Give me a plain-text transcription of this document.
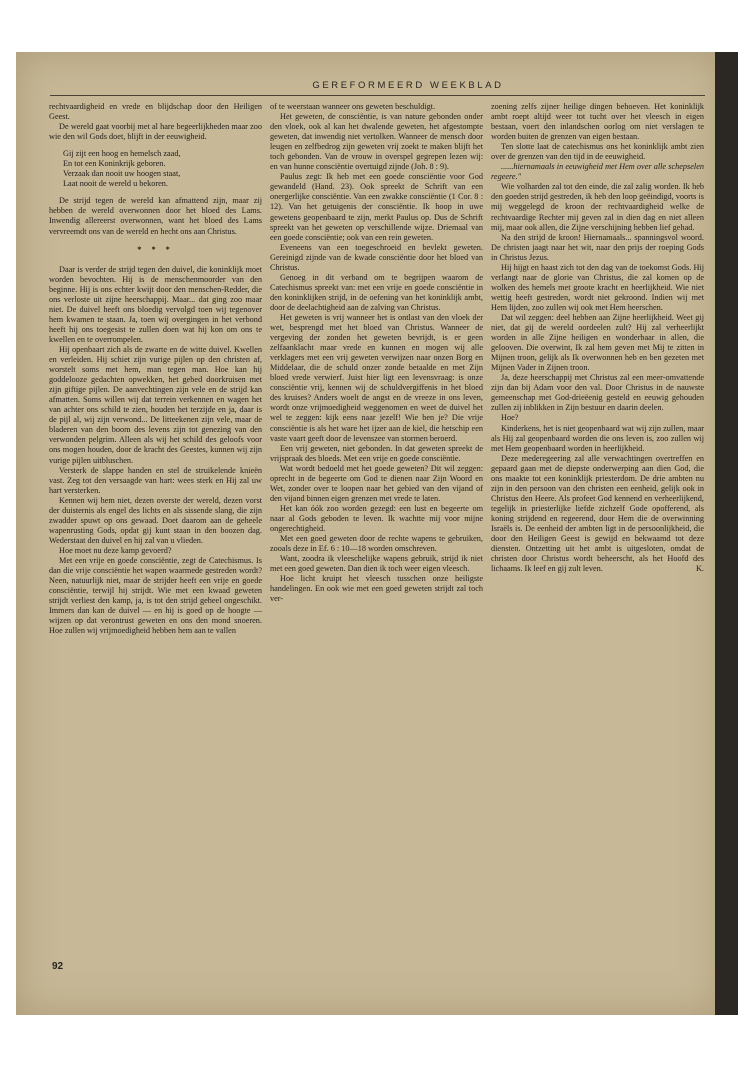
GEREFORMEERD WEEKBLAD

rechtvaardigheid en vrede en blijdschap door den Heiligen Geest.

De wereld gaat voorbij met al hare begeerlijkheden maar zoo wie den wil Gods doet, blijft in der eeuwigheid.

Gij zijt een hoog en hemelsch zaad,
En tot een Koninkrijk geboren.
Verzaak dan nooit uw hoogen staat,
Laat nooit de wereld u bekoren.

De strijd tegen de wereld kan afmattend zijn, maar zij hebben de wereld overwonnen door het bloed des Lams. Inwendig allereerst overwonnen, want het bloed des Lams vervreemdt ons van de wereld en hecht ons aan Christus.

* * *

Daar is verder de strijd tegen den duivel, die koninklijk moet worden bevochten. Hij is de menschenmoorder van den beginne. Hij is ons echter kwijt door den menschen-Redder, die ons verloste uit zijne heerschappij. Maar... dat ging zoo maar niet. De duivel heeft ons bloedig vervolgd toen wij tegenover hem kwamen te staan. Ja, toen wij overgingen in het verbond heeft hij ons toegesist te zullen doen wat hij kon om ons te kwellen en te overrompelen.

Hij openbaart zich als de zwarte en de witte duivel. Kwellen en verleiden. Hij schiet zijn vurige pijlen op den christen af, worstelt soms met hem, man tegen man. Hoe kan hij goddelooze gedachten opwekken, het gebed doorkruisen met zijn giftige pijlen. De aanvechtingen zijn vele en de strijd kan afmatten. Soms willen wij dat terrein verkennen en wagen het van achter ons schild te zien, houden het terzijde en ja, daar is de pijl al, wij zijn verwond... De litteekenen zijn vele, maar de bladeren van den boom des levens zijn tot genezing van den verwonden pelgrim. Alleen als wij het schild des geloofs voor ons mogen houden, door de kracht des Geestes, kunnen wij zijn vurige pijlen uitbluschen.

Versterk de slappe handen en stel de struikelende knieën vast. Zeg tot den versaagde van hart: wees sterk en Hij zal uw hart versterken.

Kennen wij hem niet, dezen overste der wereld, dezen vorst der duisternis als engel des lichts en als sissende slang, die zijn zwadder spuwt op ons gewaad. Doet daarom aan de geheele wapenrusting Gods, opdat gij kunt staan in den boozen dag. Wederstaat den duivel en hij zal van u vlieden.

Hoe moet nu deze kamp gevoerd?

Met een vrije en goede consciëntie, zegt de Catechismus. Is dan die vrije consciëntie het wapen waarmede gestreden wordt? Neen, natuurlijk niet, maar de strijder heeft een vrije en goede consciëntie, terwijl hij strijdt. Wie met een kwaad geweten strijdt verliest den kamp, ja, is tot den strijd geheel ongeschikt. Immers dan kan de duivel — en hij is goed op de hoogte — wijzen op dat verontrust geweten en ons den mond snoeren. Hoe zullen wij vrijmoedigheid hebben hem aan te vallen

of te weerstaan wanneer ons geweten beschuldigt.

Het geweten, de consciëntie, is van nature gebonden onder den vloek, ook al kan het dwalende geweten, het afgestompte geweten, dat inwendig niet vertolken. Wanneer de mensch door leugen en zelfbedrog zijn geweten vrij zoekt te maken blijft het toch gebonden. Van de vrouw in overspel gegrepen lezen wij: en van hunne consciëntie overtuigd zijnde (Joh. 8 : 9).

Paulus zegt: Ik heb met een goede consciëntie voor God gewandeld (Hand. 23). Ook spreekt de Schrift van een onergerlijke consciëntie. Van een zwakke consciëntie (1 Cor. 8 : 12). Van het getuigenis der consciëntie. Ik hoop in uwe gewetens geopenbaard te zijn, merkt Paulus op. Dus de Schrift spreekt van het geweten op verschillende wijze. Driemaal van een goede consciëntie; ook van een rein geweten.

Eveneens van een toegeschroeid en bevlekt geweten. Gereinigd zijnde van de kwade consciëntie door het bloed van Christus.

Genoeg in dit verband om te begrijpen waarom de Catechismus spreekt van: met een vrije en goede consciëntie in den koninklijken strijd, in de oefening van het koninklijk ambt, door de deelachtigheid aan de zalving van Christus.

Het geweten is vrij wanneer het is ontlast van den vloek der wet, besprengd met het bloed van Christus. Wanneer de vergeving der zonden het geweten bevrijdt, is er geen zelfaanklacht maar vrede en kunnen en mogen wij alle verklagers met een vrij geweten verwijzen naar onzen Borg en Middelaar, die de schuld onzer zonde betaalde en met Zijn bloed vrede verwierf. Juist hier ligt een levensvraag: is onze consciëntie vrij, kennen wij de schuldvergiffenis in het bloed des kruises? Anders woelt de angst en de vreeze in ons leven, wordt onze vrijmoedigheid weggenomen en weet de duivel het wel te zeggen: kijk eens naar jezelf! Wie ben je? Die vrije consciëntie is als het ware het ijzer aan de kiel, die hetschip een vaste vaart geeft door de levenszee van stormen beroerd.

Een vrij geweten, niet gebonden. In dat geweten spreekt de vrijspraak des bloeds. Met een vrije en goede consciëntie.

Wat wordt bedoeld met het goede geweten? Dit wil zeggen: oprecht in de begeerte om God te dienen naar Zijn Woord en Wet, zonder over te loopen naar het gebied van den vijand of den vijand binnen eigen grenzen met vrede te laten.

Het kan óók zoo worden gezegd: een lust en begeerte om naar al Gods geboden te leven. Ik wachtte mij voor mijne ongerechtigheid.

Met een goed geweten door de rechte wapens te gebruiken, zooals deze in Ef. 6 : 10—18 worden omschreven.

Want, zoodra ik vleeschelijke wapens gebruik, strijd ik niet met een goed geweten. Dan dien ik toch weer eigen vleesch.

Hoe licht kruipt het vleesch tusschen onze heiligste handelingen. En ook wie met een goed geweten strijdt zal toch ver-

zoening zelfs zijner heilige dingen behoeven. Het koninklijk ambt roept altijd weer tot tucht over het vleesch in eigen bestaan, voert den inlandschen oorlog om niet verslagen te worden buiten de grenzen van eigen bestaan.

Ten slotte laat de catechismus ons het koninklijk ambt zien over de grenzen van den tijd in de eeuwigheid.

......hiernamaals in eeuwigheid met Hem over alle schepselen regeere."

Wie volharden zal tot den einde, die zal zalig worden. Ik heb den goeden strijd gestreden, ik heb den loop geëindigd, voorts is mij weggelegd de kroon der rechtvaardigheid welke de rechtvaardige Rechter mij geven zal in dien dag en niet alleen mij, maar ook allen, die Zijne verschijning hebben lief gehad.

Na den strijd de kroon! Hiernamaals... spanningsvol woord. De christen jaagt naar het wit, naar den prijs der roeping Gods in Christus Jezus.

Hij hijgt en haast zich tot den dag van de toekomst Gods. Hij verlangt naar de glorie van Christus, die zal komen op de wolken des hemels met groote kracht en heerlijkheid. Wie niet wettig heeft gestreden, wordt niet gekroond. Indien wij met Hem lijden, zoo zullen wij ook met Hem heerschen.

Dat wil zeggen: deel hebben aan Zijne heerlijkheid. Weet gij niet, dat gij de wereld oordeelen zult? Hij zal verheerlijkt worden in alle Zijne heiligen en wonderbaar in allen, die gelooven. Die overwint, Ik zal hem geven met Mij te zitten in Mijnen troon, gelijk als Ik overwonnen heb en ben gezeten met Mijnen Vader in Zijnen troon.

Ja, deze heerschappij met Christus zal een meer-omvattende zijn dan bij Adam voor den val. Door Christus in de nauwste gemeenschap met God-drieëenig gesteld en eeuwig gehouden zullen zij inblikken in Zijn bestuur en daarin deelen.

Hoe?

Kinderkens, het is niet geopenbaard wat wij zijn zullen, maar als Hij zal geopenbaard worden die ons leven is, zoo zullen wij met Hem geopenbaard worden in heerlijkheid.

Deze mederegeering zal alle verwachtingen overtreffen en gepaard gaan met de diepste onderwerping aan dien God, die ons maakte tot een koninklijk priesterdom. De drie ambten nu zijn in den persoon van den christen een eenheid, gelijk ook in Christus den Heere. Als profeet God kennend en verheerlijkend, tegelijk in priesterlijke liefde zichzelf Gode opofferend, als koning strijdend en regeerend, door Hem die de overwinning Israëls is. De eenheid der ambten ligt in de persoonlijkheid, die door den Heiligen Geest is gewijd en bekwaamd tot deze diensten. Ontzetting uit het ambt is uitgesloten, omdat de christen door Christus wordt beheerscht, als het Hoofd des lichaams. Ik leef en gij zult leven.	K.

92
